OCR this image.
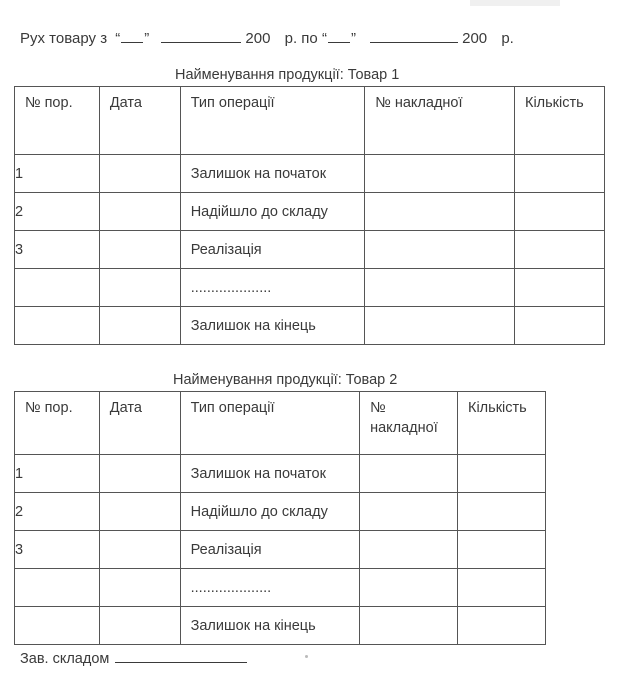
Рух товару з “ ”	200 р. по “ ”	200 р.
Найменування продукції: Товар 1
№ пор.	Дата	Тип операції	№ накладної	Кількість
1		Залишок на початок		
2		Надійшло до складу		
3		Реалізація		
		....................		
		Залишок на кінець		
Найменування продукції: Товар 2
№ пор.	Дата	Тип операції	№ накладної	Кількість
1		Залишок на початок		
2		Надійшло до складу		
3		Реалізація		
		....................		
		Залишок на кінець		
Зав. складом
